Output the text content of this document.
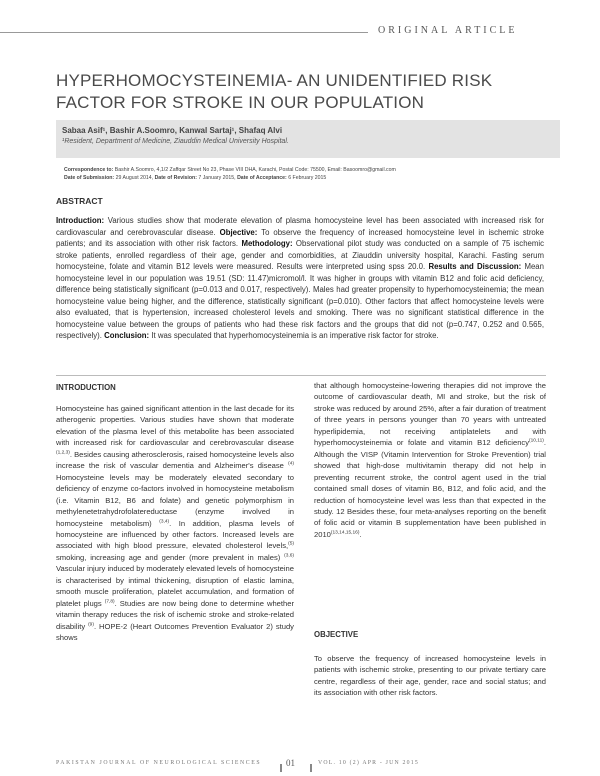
ORIGINAL ARTICLE
HYPERHOMOCYSTEINEMIA- AN UNIDENTIFIED RISK FACTOR FOR STROKE IN OUR POPULATION
Sabaa Asif¹, Bashir A.Soomro, Kanwal Sartaj¹, Shafaq Alvi
¹Resident, Department of Medicine, Ziauddin Medical University Hospital.
Correspondence to: Bashir A.Soomro, 4,1/2 Zaffqar Street No 23, Phase VIII DHA, Karachi, Postal Code: 75500, Email: Basoomro@gmail.com
Date of Submission: 29 August 2014, Date of Revision: 7 January 2015, Date of Acceptance: 6 February 2015
ABSTRACT
Introduction: Various studies show that moderate elevation of plasma homocysteine level has been associated with increased risk for cardiovascular and cerebrovascular disease. Objective: To observe the frequency of increased homocysteine level in ischemic stroke patients; and its association with other risk factors. Methodology: Observational pilot study was conducted on a sample of 75 ischemic stroke patients, enrolled regardless of their age, gender and comorbidities, at Ziauddin university hospital, Karachi. Fasting serum homocysteine, folate and vitamin B12 levels were measured. Results were interpreted using spss 20.0. Results and Discussion: Mean homocysteine level in our population was 19.51 (SD: 11.47)micromol/l. It was higher in groups with vitamin B12 and folic acid deficiency, difference being statistically significant (p=0.013 and 0.017, respectively). Males had greater propensity to hyperhomocysteinemia; the mean homocysteine value being higher, and the difference, statistically significant (p=0.010). Other factors that affect homocysteine levels were also evaluated, that is hypertension, increased cholesterol levels and smoking. There was no significant statistical difference in the homocysteine value between the groups of patients who had these risk factors and the groups that did not (p=0.747, 0.252 and 0.565, respectively). Conclusion: It was speculated that hyperhomocysteinemia is an imperative risk factor for stroke.
INTRODUCTION
Homocysteine has gained significant attention in the last decade for its atherogenic properties. Various studies have shown that moderate elevation of the plasma level of this metabolite has been associated with increased risk for cardiovascular and cerebrovascular disease $^{(1,2,3)}$. Besides causing atherosclerosis, raised homocysteine levels also increase the risk of vascular dementia and Alzheimer's disease $^{(4)}$ Homocysteine levels may be moderately elevated secondary to deficiency of enzyme co-factors involved in homocysteine metabolism (i.e. Vitamin B12, B6 and folate) and genetic polymorphism in methylenetetrahydrofolatereductase (enzyme involved in homocysteine metabolism) $^{(3,4)}$. In addition, plasma levels of homocysteine are influenced by other factors. Increased levels are associated with high blood pressure, elevated cholesterol levels,$^{(5)}$ smoking, increasing age and gender (more prevalent in males) $^{(3,6)}$ Vascular injury induced by moderately elevated levels of homocysteine is characterised by intimal thickening, disruption of elastic lamina, smooth muscle proliferation, platelet accumulation, and formation of platelet plugs $^{(7,8)}$. Studies are now being done to determine whether vitamin therapy reduces the risk of ischemic stroke and stroke-related disability $^{(9)}$. HOPE-2 (Heart Outcomes Prevention Evaluator 2) study shows
that although homocysteine-lowering therapies did not improve the outcome of cardiovascular death, MI and stroke, but the risk of stroke was reduced by around 25%, after a fair duration of treatment of three years in persons younger than 70 years with untreated hyperlipidemia, not receiving antiplatelets and with hyperhomocysteinemia or folate and vitamin B12 deficiency$^{(10,11)}$. Although the VISP (Vitamin Intervention for Stroke Prevention) trial showed that high-dose multivitamin therapy did not help in preventing recurrent stroke, the control agent used in the trial contained small doses of vitamin B6, B12, and folic acid, and the reduction of homocysteine level was less than that expected in the study. 12 Besides these, four meta-analyses reporting on the benefit of folic acid or vitamin B supplementation have been published in 2010$^{(13,14,15,16)}$.
OBJECTIVE
To observe the frequency of increased homocysteine levels in patients with ischemic stroke, presenting to our private tertiary care centre, regardless of their age, gender, race and social status; and its association with other risk factors.
PAKISTAN JOURNAL OF NEUROLOGICAL SCIENCES	01	VOL. 10 (2) APR - JUN 2015
